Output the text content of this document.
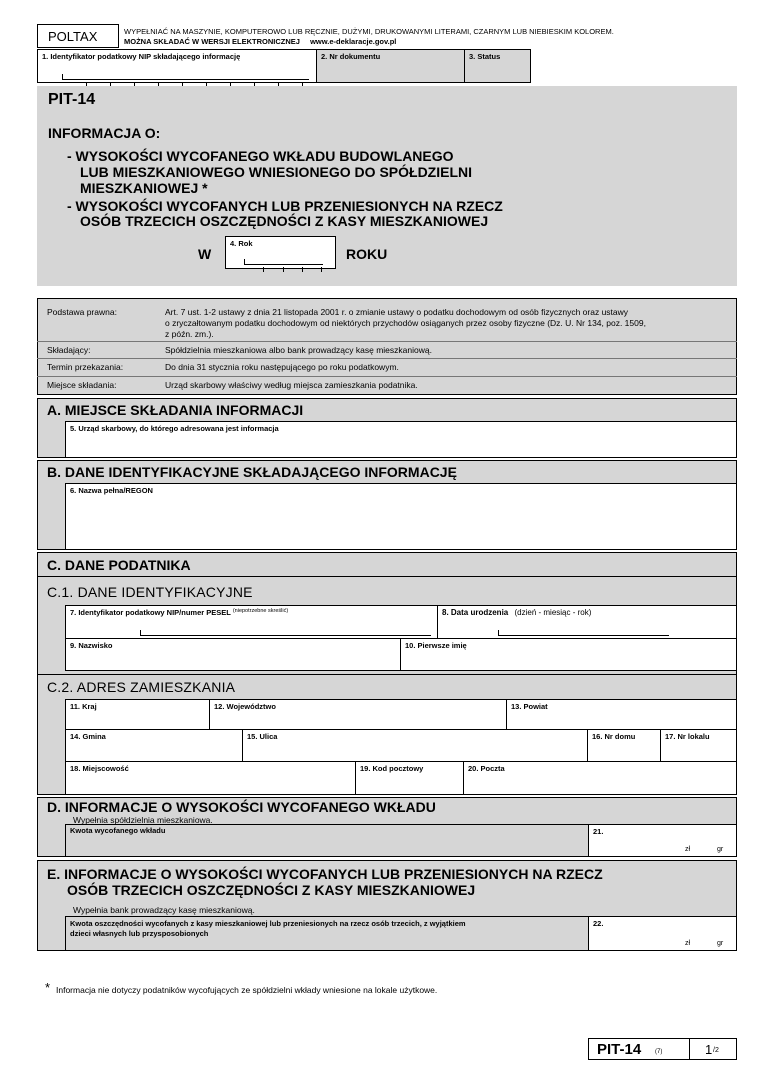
POLTAX	WYPEŁNIAĆ NA MASZYNIE, KOMPUTEROWO LUB RĘCZNIE, DUŻYMI, DRUKOWANYMI LITERAMI, CZARNYM LUB NIEBIESKIM KOLOREM.
MOŻNA SKŁADAĆ W WERSJI ELEKTRONICZNEJ www.e-deklaracje.gov.pl
1. Identyfikator podatkowy NIP składającego informację	2. Nr dokumentu	3. Status
PIT-14
INFORMACJA O:
- WYSOKOŚCI WYCOFANEGO WKŁADU BUDOWLANEGO
LUB MIESZKANIOWEGO WNIESIONEGO DO SPÓŁDZIELNI
MIESZKANIOWEJ *
- WYSOKOŚCI WYCOFANYCH LUB PRZENIESIONYCH NA RZECZ
OSÓB TRZECICH OSZCZĘDNOŚCI Z KASY MIESZKANIOWEJ
W
4. Rok
ROKU
Podstawa prawna:	Art. 7 ust. 1-2 ustawy z dnia 21 listopada 2001 r. o zmianie ustawy o podatku dochodowym od osób fizycznych oraz ustawy
o zryczałtowanym podatku dochodowym od niektórych przychodów osiąganych przez osoby fizyczne (Dz. U. Nr 134, poz. 1509,
z późn. zm.).
Składający:	Spółdzielnia mieszkaniowa albo bank prowadzący kasę mieszkaniową.
Termin przekazania:	Do dnia 31 stycznia roku następującego po roku podatkowym.
Miejsce składania:	Urząd skarbowy właściwy według miejsca zamieszkania podatnika.
A. MIEJSCE SKŁADANIA INFORMACJI
5. Urząd skarbowy, do którego adresowana jest informacja
B. DANE IDENTYFIKACYJNE SKŁADAJĄCEGO INFORMACJĘ
6. Nazwa pełna/REGON
C. DANE PODATNIKA
C.1. DANE IDENTYFIKACYJNE
7. Identyfikator podatkowy NIP/numer PESEL $^{(niepotrzebne skreślić)}$	8. Data urodzenia (dzień - miesiąc - rok)
9. Nazwisko	10. Pierwsze imię
C.2. ADRES ZAMIESZKANIA
11. Kraj	12. Województwo	13. Powiat
14. Gmina	15. Ulica	16. Nr domu	17. Nr lokalu
18. Miejscowość	19. Kod pocztowy	20. Poczta
D. INFORMACJE O WYSOKOŚCI WYCOFANEGO WKŁADU
Wypełnia spółdzielnia mieszkaniowa.
Kwota wycofanego wkładu	21.
zł	gr
E. INFORMACJE O WYSOKOŚCI WYCOFANYCH LUB PRZENIESIONYCH NA RZECZ
OSÓB TRZECICH OSZCZĘDNOŚCI Z KASY MIESZKANIOWEJ
Wypełnia bank prowadzący kasę mieszkaniową.
Kwota oszczędności wycofanych z kasy mieszkaniowej lub przeniesionych na rzecz osób trzecich, z wyjątkiem
dzieci własnych lub przysposobionych
22.
zł	gr
* Informacja nie dotyczy podatników wycofujących ze spółdzielni wkłady wniesione na lokale użytkowe.
PIT-14 (7)	1 /2
